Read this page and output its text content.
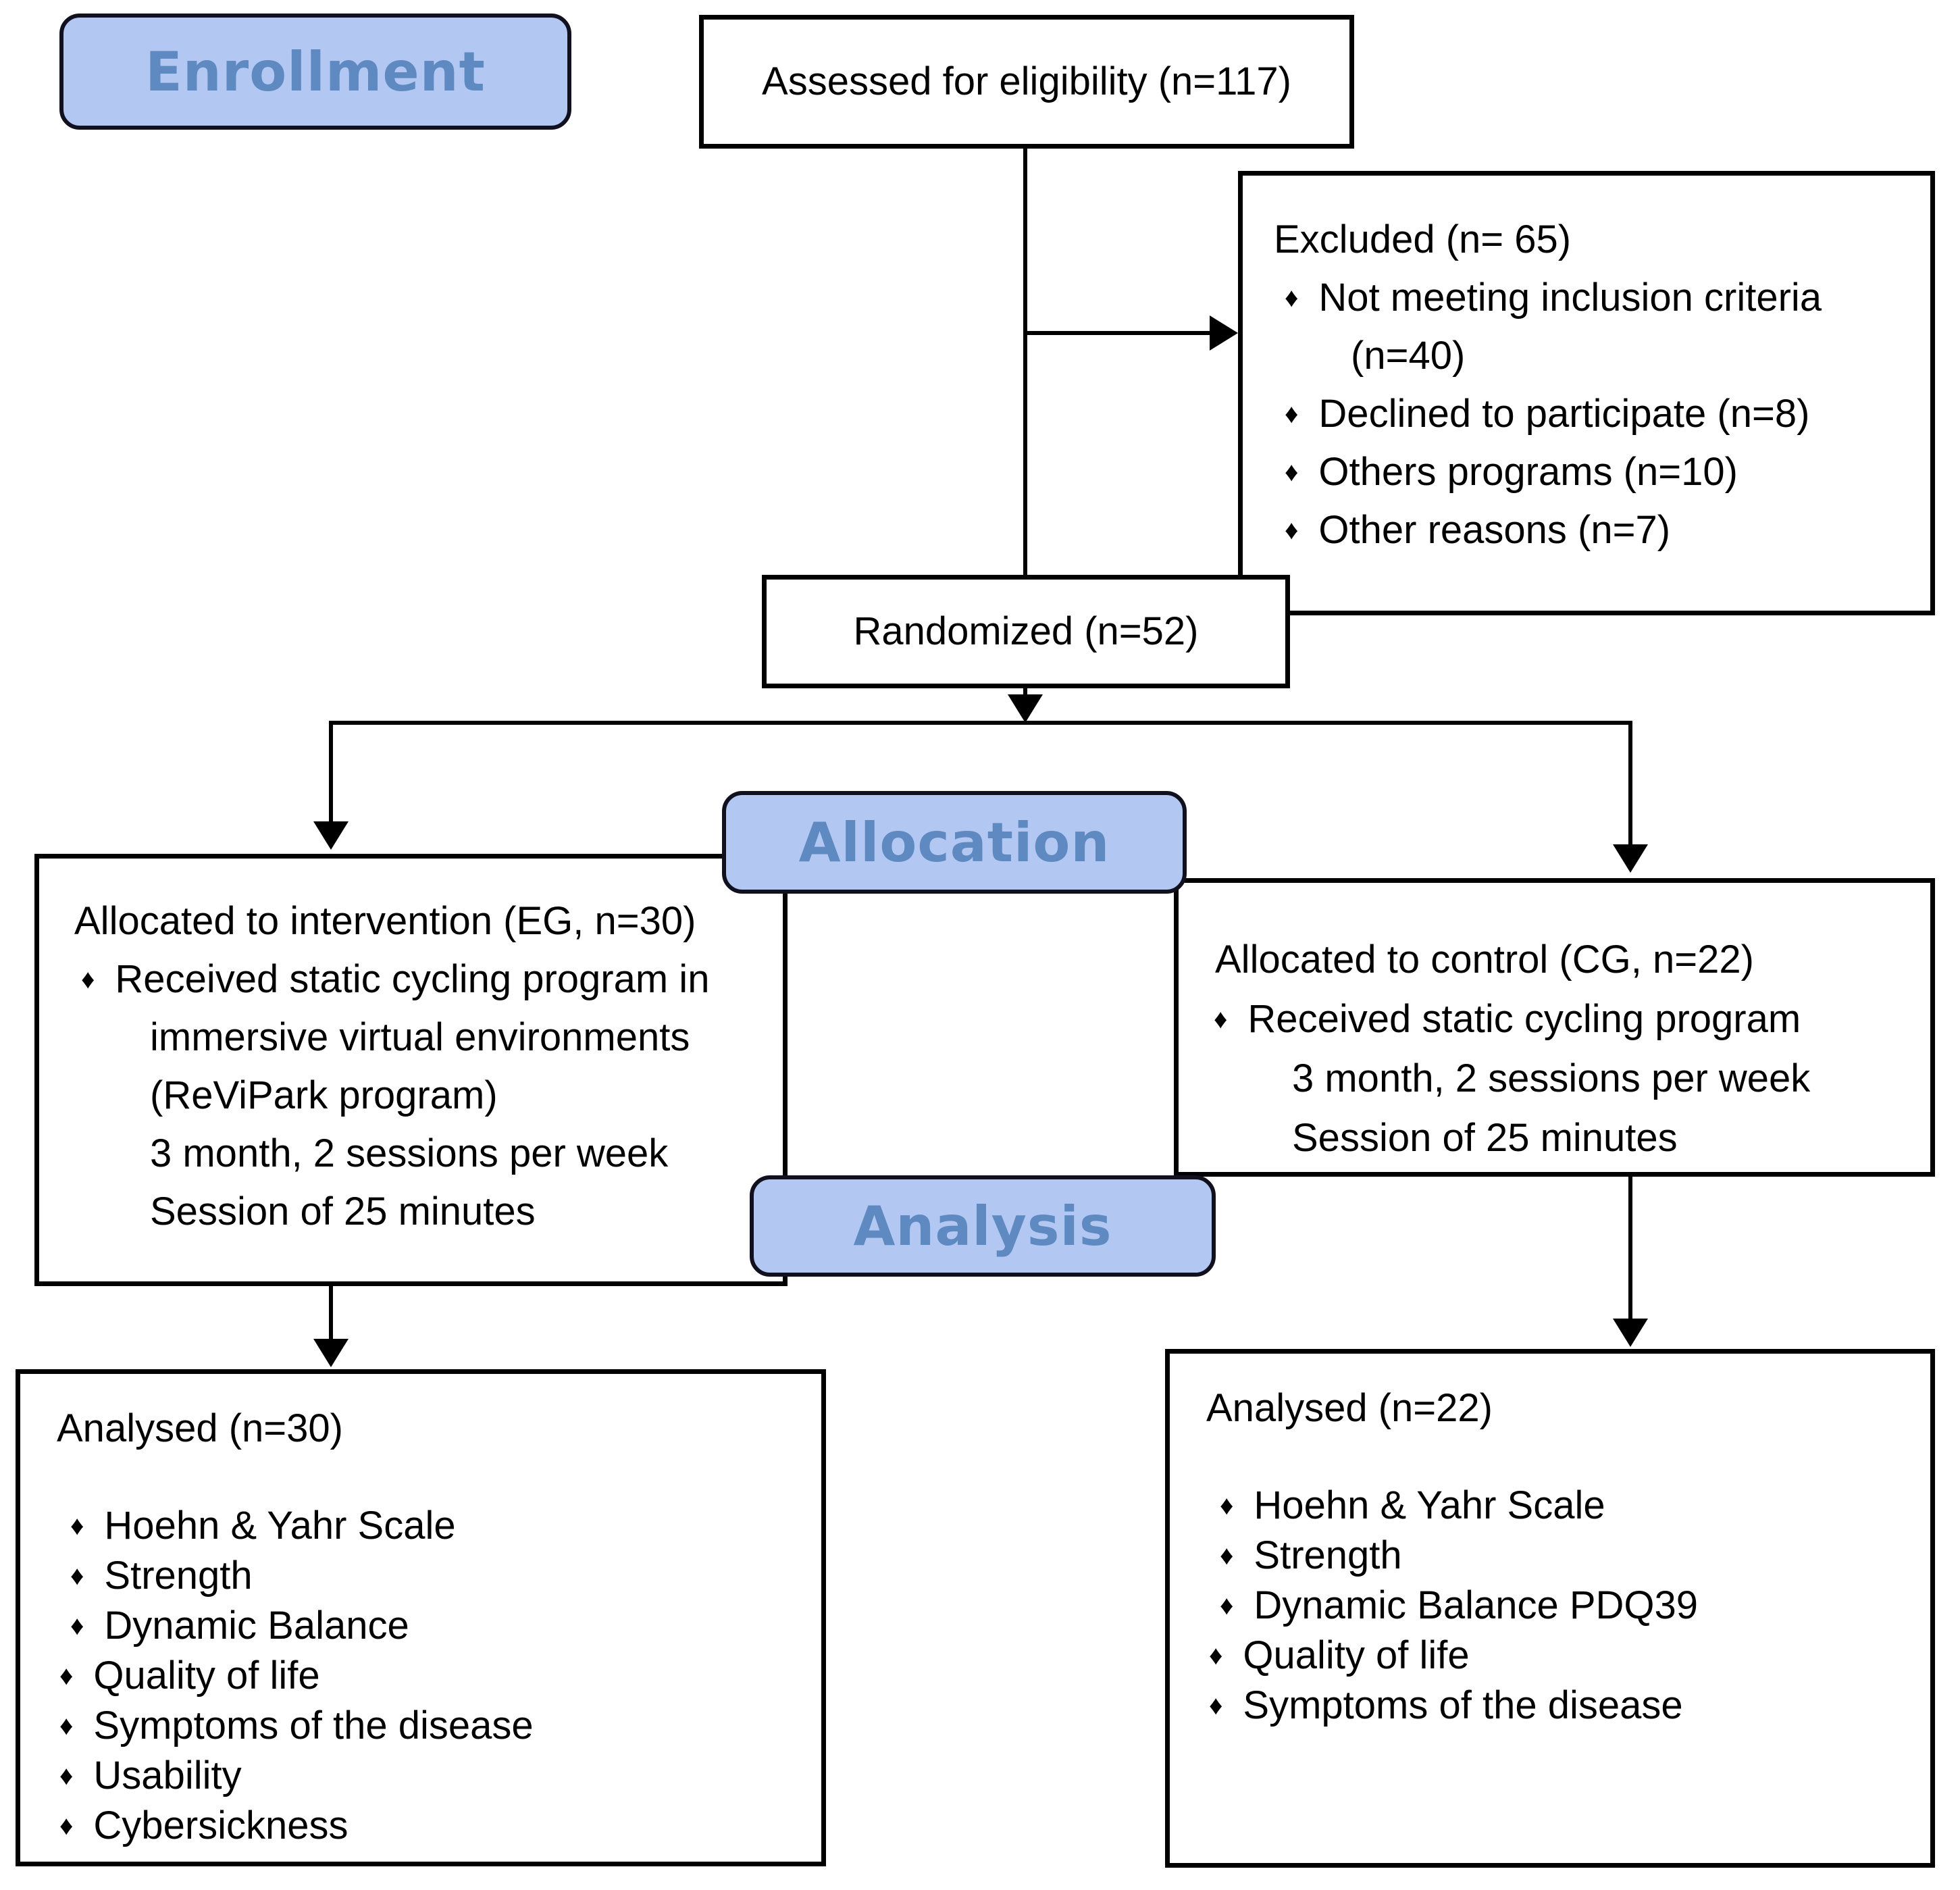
Enrollment
Allocation
Analysis
Assessed for eligibility (n=117)
Excluded (n= 65)
♦ Not meeting inclusion criteria
(n=40)
♦ Declined to participate (n=8)
♦ Others programs (n=10)
♦ Other reasons (n=7)
Randomized (n=52)
Allocated to intervention (EG, n=30)
♦ Received static cycling program in
immersive virtual environments
(ReViPark program)
3 month, 2 sessions per week
Session of 25 minutes
Allocated to control (CG, n=22)
♦ Received static cycling program
3 month, 2 sessions per week
Session of 25 minutes
Analysed (n=30)
♦ Hoehn & Yahr Scale
♦ Strength
♦ Dynamic Balance
♦ Quality of life
♦ Symptoms of the disease
♦ Usability
♦ Cybersickness
Analysed (n=22)
♦ Hoehn & Yahr Scale
♦ Strength
♦ Dynamic Balance PDQ39
♦ Quality of life
♦ Symptoms of the disease
